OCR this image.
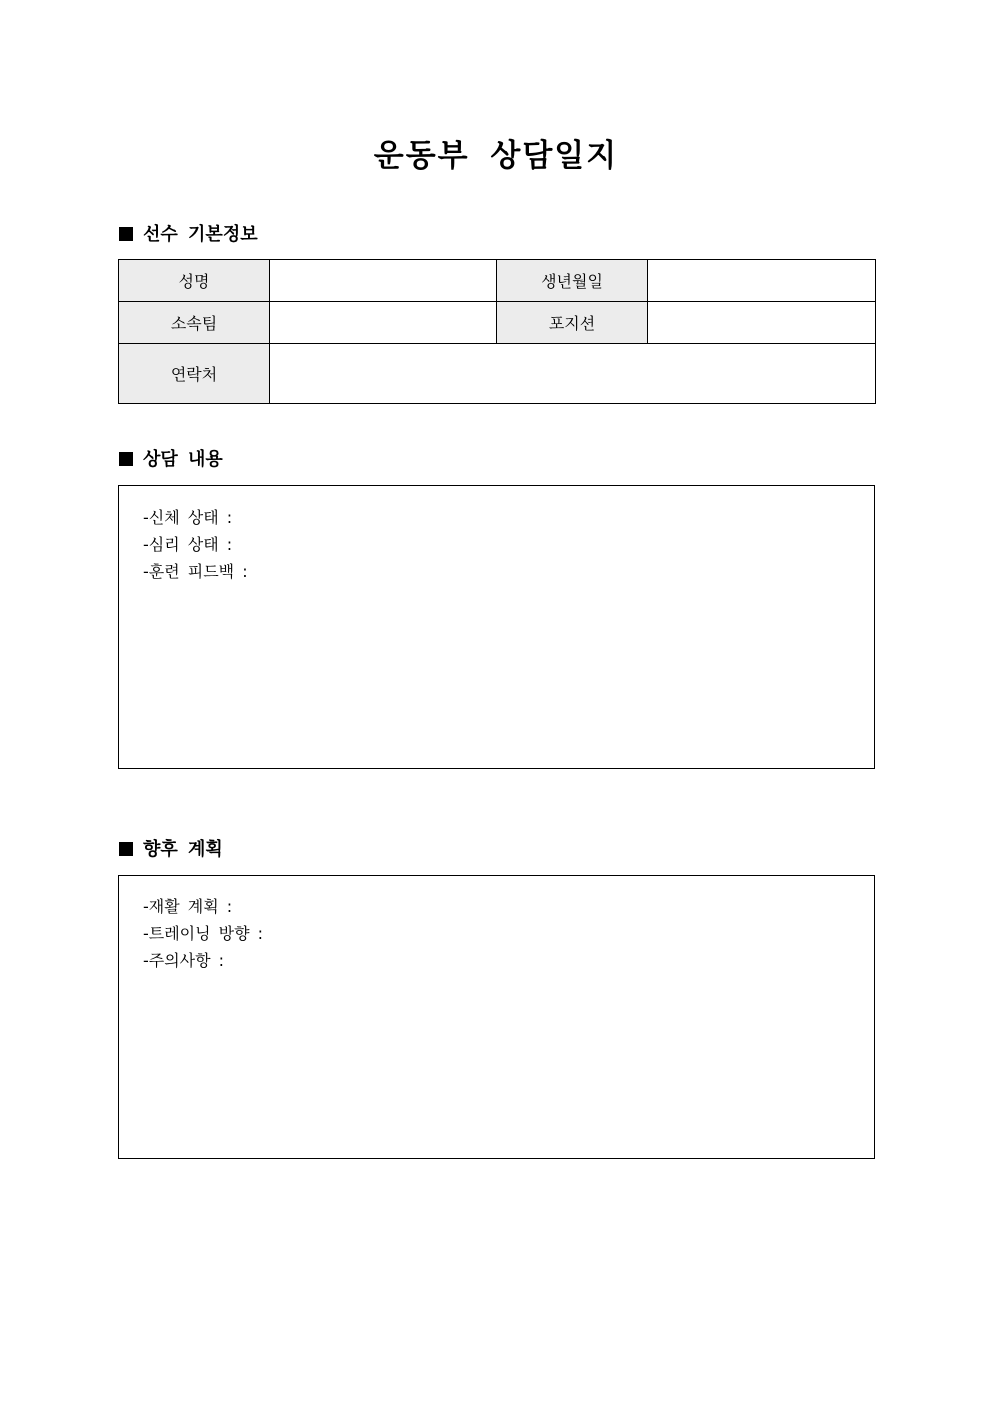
운동부 상담일지
선수 기본정보
성명		생년월일	
소속팀		포지션	
연락처			
상담 내용
-신체 상태 :
-심리 상태 :
-훈련 피드백 :
향후 계획
-재활 계획 :
-트레이닝 방향 :
-주의사항 :
